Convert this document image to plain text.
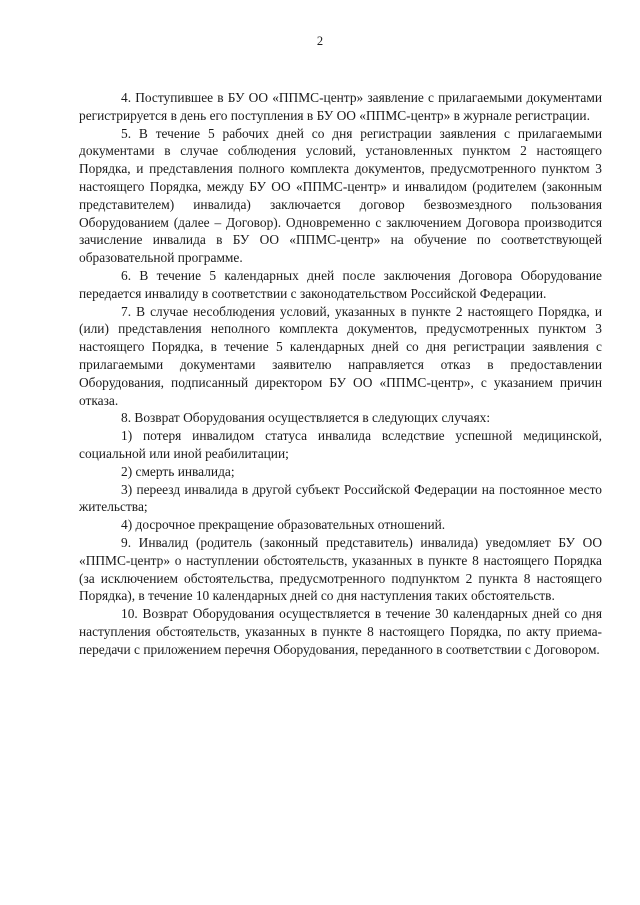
2

4. Поступившее в БУ ОО «ППМС-центр» заявление с прилагаемыми документами регистрируется в день его поступления в БУ ОО «ППМС-центр» в журнале регистрации.

5. В течение 5 рабочих дней со дня регистрации заявления с прилагаемыми документами в случае соблюдения условий, установленных пунктом 2 настоящего Порядка, и представления полного комплекта документов, предусмотренного пунктом 3 настоящего Порядка, между БУ ОО «ППМС-центр» и инвалидом (родителем (законным представителем) инвалида) заключается договор безвозмездного пользования Оборудованием (далее – Договор). Одновременно с заключением Договора производится зачисление инвалида в БУ ОО «ППМС-центр» на обучение по соответствующей образовательной программе.

6. В течение 5 календарных дней после заключения Договора Оборудование передается инвалиду в соответствии с законодательством Российской Федерации.

7. В случае несоблюдения условий, указанных в пункте 2 настоящего Порядка, и (или) представления неполного комплекта документов, предусмотренных пунктом 3 настоящего Порядка, в течение 5 календарных дней со дня регистрации заявления с прилагаемыми документами заявителю направляется отказ в предоставлении Оборудования, подписанный директором БУ ОО «ППМС-центр», с указанием причин отказа.

8. Возврат Оборудования осуществляется в следующих случаях:

1) потеря инвалидом статуса инвалида вследствие успешной медицинской, социальной или иной реабилитации;

2) смерть инвалида;

3) переезд инвалида в другой субъект Российской Федерации на постоянное место жительства;

4) досрочное прекращение образовательных отношений.

9. Инвалид (родитель (законный представитель) инвалида) уведомляет БУ ОО «ППМС-центр» о наступлении обстоятельств, указанных в пункте 8 настоящего Порядка (за исключением обстоятельства, предусмотренного подпунктом 2 пункта 8 настоящего Порядка), в течение 10 календарных дней со дня наступления таких обстоятельств.

10. Возврат Оборудования осуществляется в течение 30 календарных дней со дня наступления обстоятельств, указанных в пункте 8 настоящего Порядка, по акту приема-передачи с приложением перечня Оборудования, переданного в соответствии с Договором.
